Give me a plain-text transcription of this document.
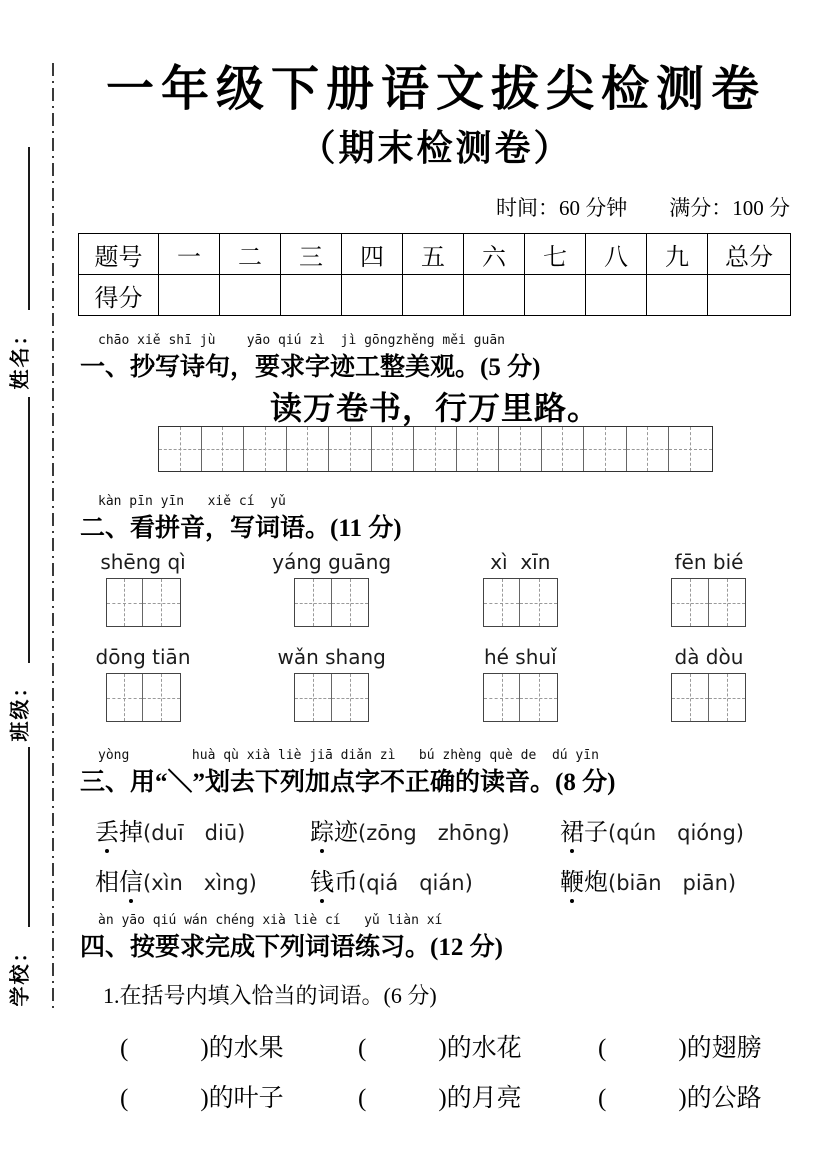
姓名：
班级：
学校：
一年级下册语文拔尖检测卷
（期末检测卷）
时间：60 分钟　　满分：100 分
题号	一	二	三	四	五	六	七	八	九	总分
得分										
chāo xiě shī jù    yāo qiú zì  jì gōngzhěng měi guān
一、抄写诗句，要求字迹工整美观。(5 分)
读万卷书，行万里路。
kàn pīn yīn   xiě cí  yǔ
二、看拼音，写词语。(11 分)
shēng qì	yáng guāng	xì  xīn	fēn bié
dōng tiān	wǎn shang	hé shuǐ	dà dòu
yòng        huà qù xià liè jiā diǎn zì   bú zhèng què de  dú yīn
三、用“＼”划去下列加点字不正确的读音。(8 分)
丢掉(duī　diū)	踪迹(zōng　zhōng) 裙子(qún　qióng)
相信(xìn　xìng) 钱币(qiá　qián)	鞭炮(biān　piān)
àn yāo qiú wán chéng xià liè cí   yǔ liàn xí
四、按要求完成下列词语练习。(12 分)
1.在括号内填入恰当的词语。(6 分)
(	)的水果	(	)的水花	(	)的翅膀
(	)的叶子	(	)的月亮	(	)的公路
